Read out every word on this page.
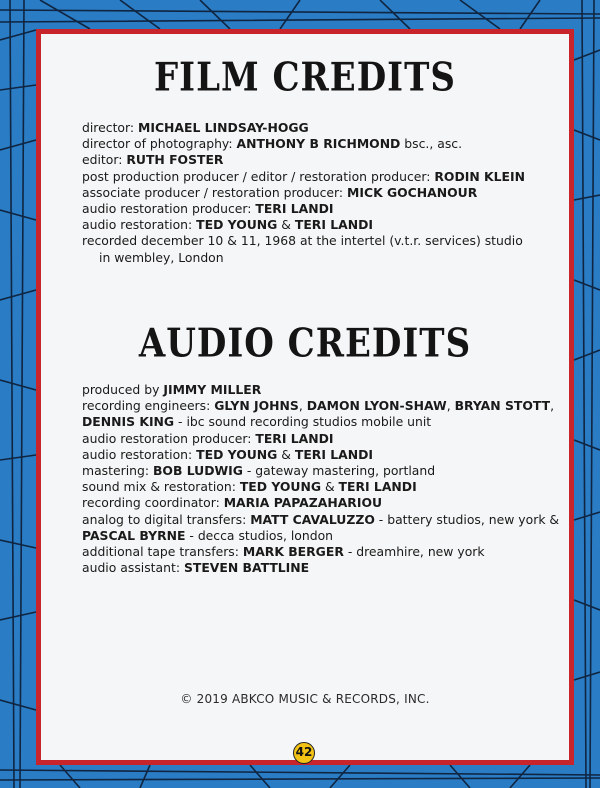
FILM CREDITS
director: MICHAEL LINDSAY-HOGG
director of photography: ANTHONY B RICHMOND bsc., asc.
editor: RUTH FOSTER
post production producer / editor / restoration producer: RODIN KLEIN
associate producer / restoration producer: MICK GOCHANOUR
audio restoration producer: TERI LANDI
audio restoration: TED YOUNG & TERI LANDI
recorded december 10 & 11, 1968 at the intertel (v.t.r. services) studio
in wembley, London
AUDIO CREDITS
produced by JIMMY MILLER
recording engineers: GLYN JOHNS, DAMON LYON-SHAW, BRYAN STOTT,
DENNIS KING - ibc sound recording studios mobile unit
audio restoration producer: TERI LANDI
audio restoration: TED YOUNG & TERI LANDI
mastering: BOB LUDWIG - gateway mastering, portland
sound mix & restoration: TED YOUNG & TERI LANDI
recording coordinator: MARIA PAPAZAHARIOU
analog to digital transfers: MATT CAVALUZZO - battery studios, new york &
PASCAL BYRNE - decca studios, london
additional tape transfers: MARK BERGER - dreamhire, new york
audio assistant: STEVEN BATTLINE
© 2019 ABKCO MUSIC & RECORDS, INC.
42
